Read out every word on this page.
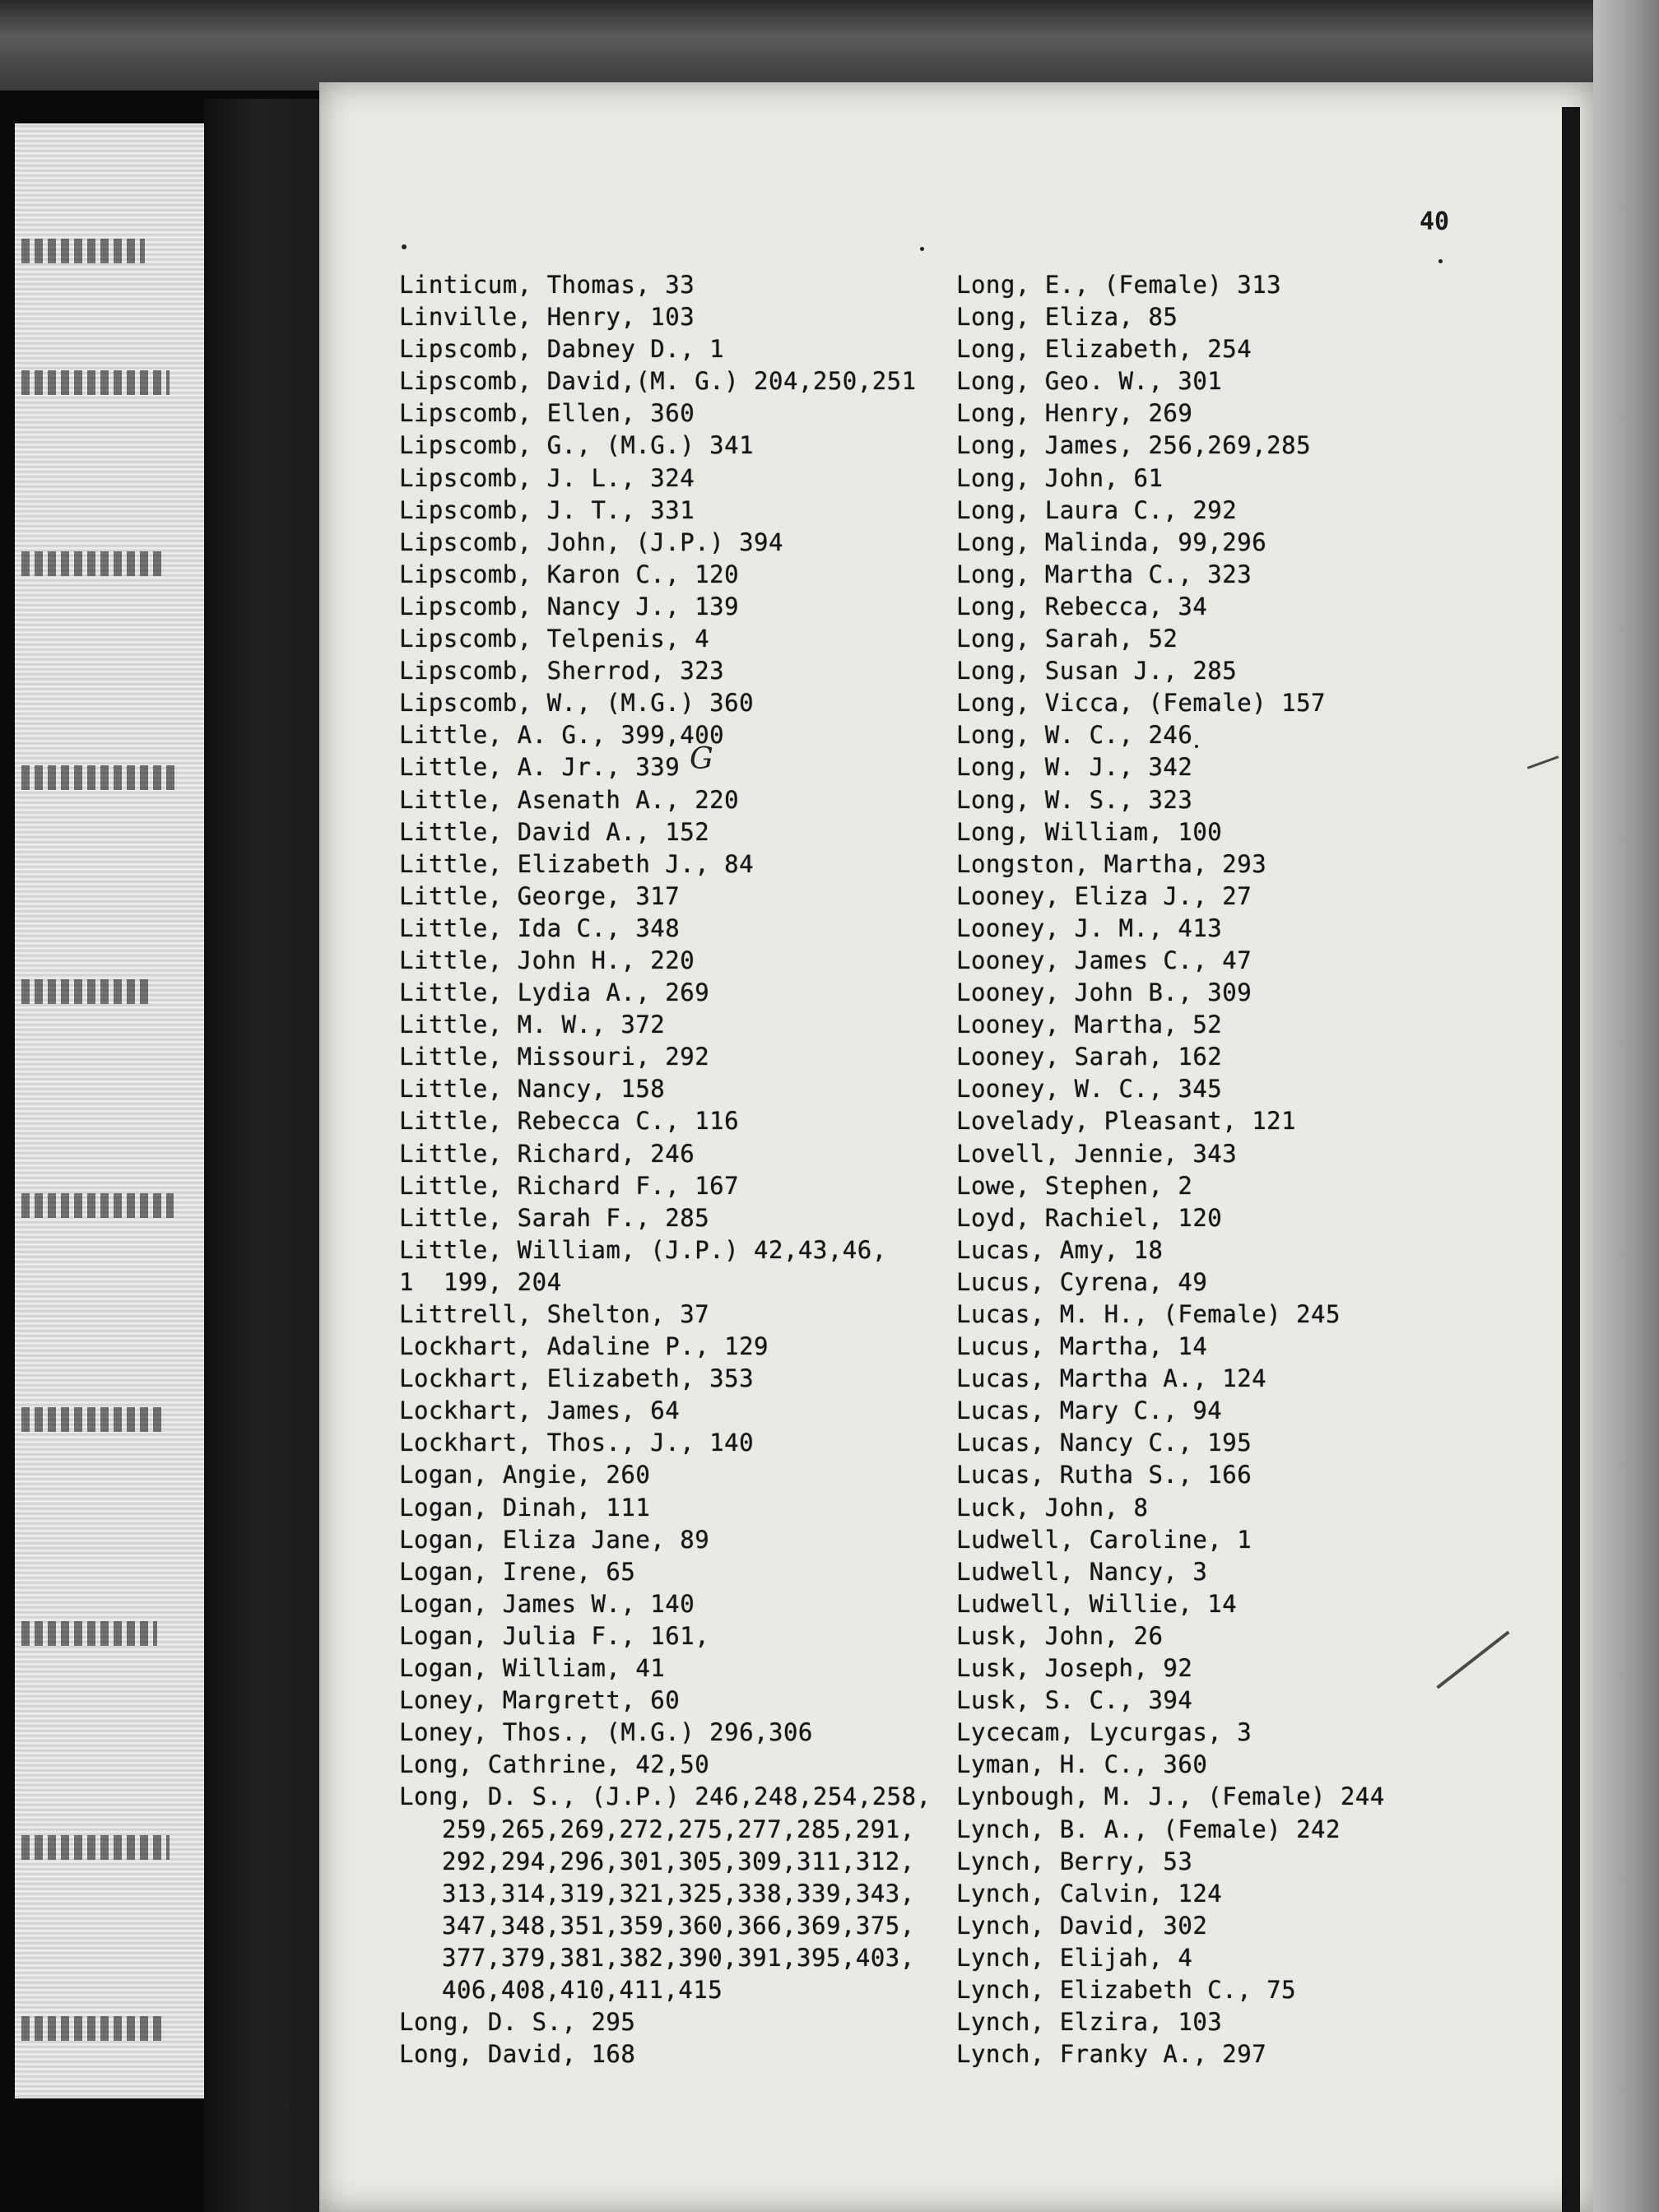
40
Linticum, Thomas, 33
Linville, Henry, 103
Lipscomb, Dabney D., 1
Lipscomb, David,(M. G.) 204,250,251
Lipscomb, Ellen, 360
Lipscomb, G., (M.G.) 341
Lipscomb, J. L., 324
Lipscomb, J. T., 331
Lipscomb, John, (J.P.) 394
Lipscomb, Karon C., 120
Lipscomb, Nancy J., 139
Lipscomb, Telpenis, 4
Lipscomb, Sherrod, 323
Lipscomb, W., (M.G.) 360
Little, A. G., 399,400
Little, A. Jr., 339
Little, Asenath A., 220
Little, David A., 152
Little, Elizabeth J., 84
Little, George, 317
Little, Ida C., 348
Little, John H., 220
Little, Lydia A., 269
Little, M. W., 372
Little, Missouri, 292
Little, Nancy, 158
Little, Rebecca C., 116
Little, Richard, 246
Little, Richard F., 167
Little, Sarah F., 285
Little, William, (J.P.) 42,43,46,
1  199, 204
Littrell, Shelton, 37
Lockhart, Adaline P., 129
Lockhart, Elizabeth, 353
Lockhart, James, 64
Lockhart, Thos., J., 140
Logan, Angie, 260
Logan, Dinah, 111
Logan, Eliza Jane, 89
Logan, Irene, 65
Logan, James W., 140
Logan, Julia F., 161,
Logan, William, 41
Loney, Margrett, 60
Loney, Thos., (M.G.) 296,306
Long, Cathrine, 42,50
Long, D. S., (J.P.) 246,248,254,258,
259,265,269,272,275,277,285,291,
292,294,296,301,305,309,311,312,
313,314,319,321,325,338,339,343,
347,348,351,359,360,366,369,375,
377,379,381,382,390,391,395,403,
406,408,410,411,415
Long, D. S., 295
Long, David, 168
Long, E., (Female) 313
Long, Eliza, 85
Long, Elizabeth, 254
Long, Geo. W., 301
Long, Henry, 269
Long, James, 256,269,285
Long, John, 61
Long, Laura C., 292
Long, Malinda, 99,296
Long, Martha C., 323
Long, Rebecca, 34
Long, Sarah, 52
Long, Susan J., 285
Long, Vicca, (Female) 157
Long, W. C., 246
Long, W. J., 342
Long, W. S., 323
Long, William, 100
Longston, Martha, 293
Looney, Eliza J., 27
Looney, J. M., 413
Looney, James C., 47
Looney, John B., 309
Looney, Martha, 52
Looney, Sarah, 162
Looney, W. C., 345
Lovelady, Pleasant, 121
Lovell, Jennie, 343
Lowe, Stephen, 2
Loyd, Rachiel, 120
Lucas, Amy, 18
Lucus, Cyrena, 49
Lucas, M. H., (Female) 245
Lucus, Martha, 14
Lucas, Martha A., 124
Lucas, Mary C., 94
Lucas, Nancy C., 195
Lucas, Rutha S., 166
Luck, John, 8
Ludwell, Caroline, 1
Ludwell, Nancy, 3
Ludwell, Willie, 14
Lusk, John, 26
Lusk, Joseph, 92
Lusk, S. C., 394
Lycecam, Lycurgas, 3
Lyman, H. C., 360
Lynbough, M. J., (Female) 244
Lynch, B. A., (Female) 242
Lynch, Berry, 53
Lynch, Calvin, 124
Lynch, David, 302
Lynch, Elijah, 4
Lynch, Elizabeth C., 75
Lynch, Elzira, 103
Lynch, Franky A., 297
G
